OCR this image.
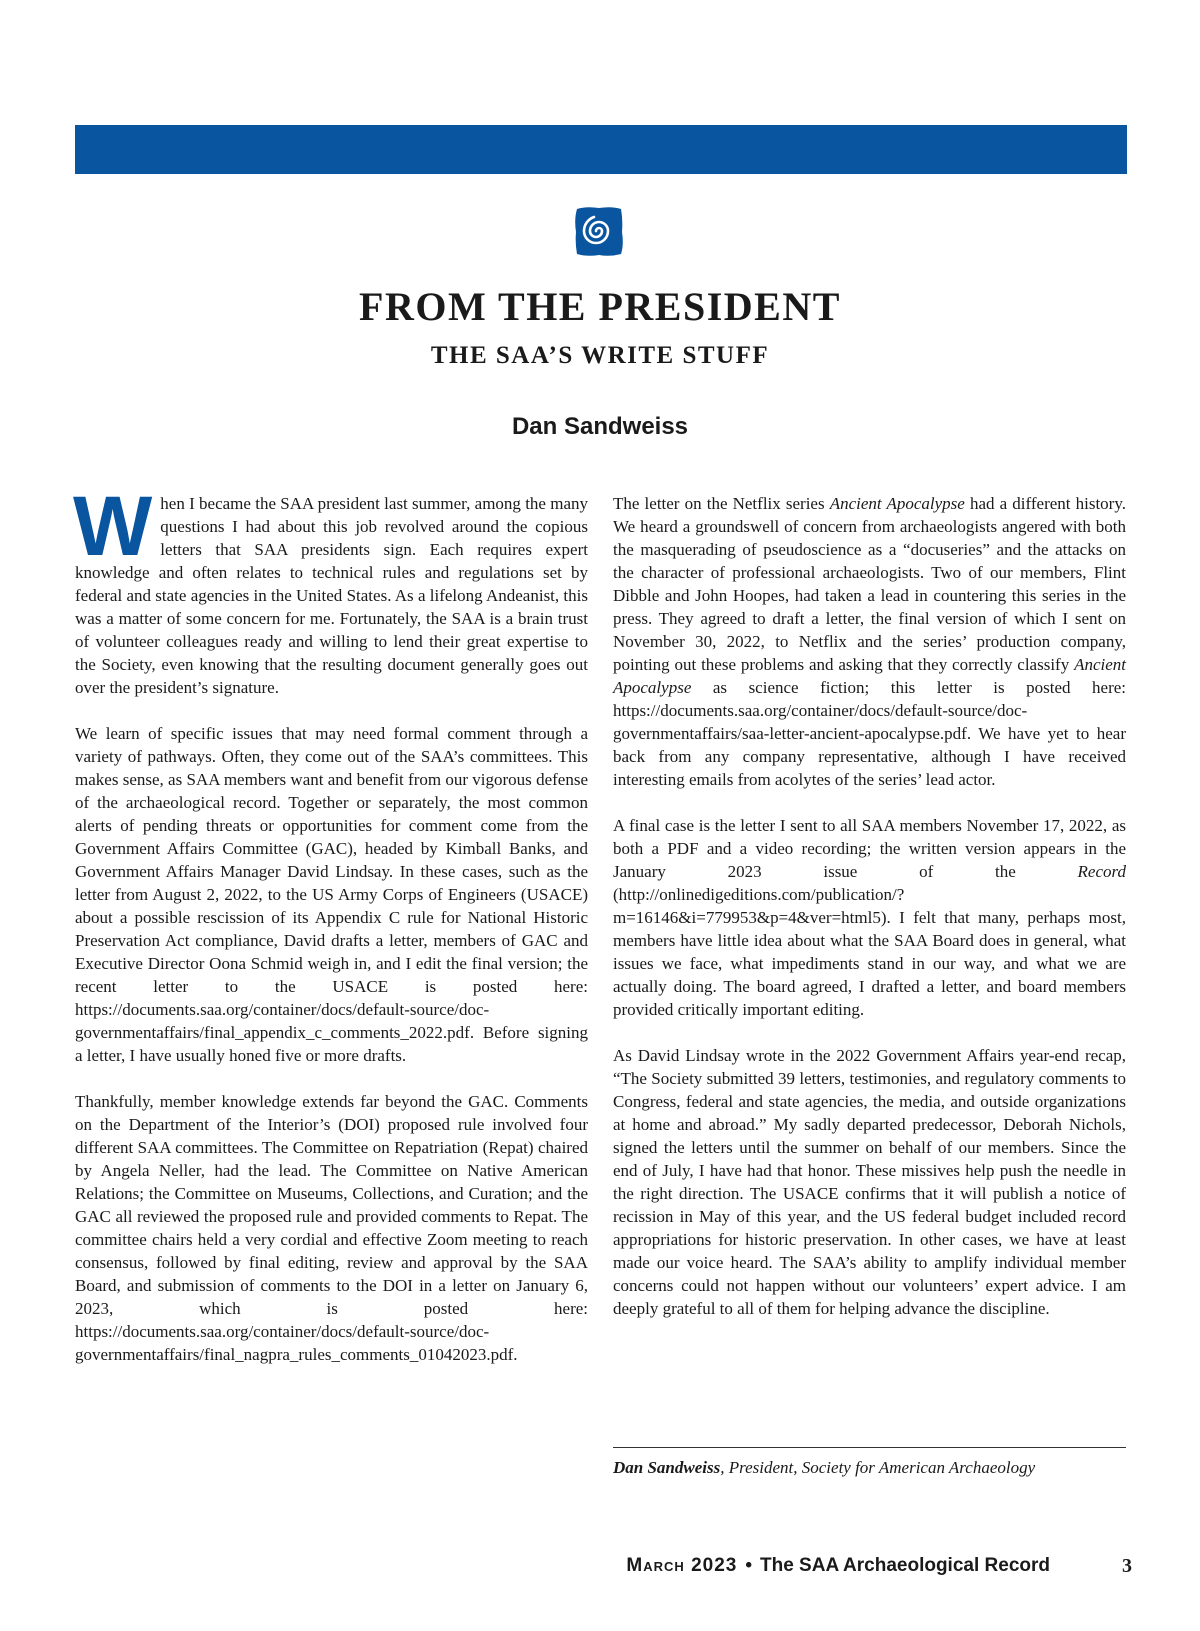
FROM THE PRESIDENT
THE SAA’S WRITE STUFF
Dan Sandweiss

When I became the SAA president last summer, among the many questions I had about this job revolved around the copious letters that SAA presidents sign. Each requires expert knowledge and often relates to technical rules and regulations set by federal and state agencies in the United States. As a lifelong Andeanist, this was a matter of some concern for me. Fortunately, the SAA is a brain trust of volunteer colleagues ready and willing to lend their great expertise to the Society, even knowing that the resulting document generally goes out over the president’s signature.

We learn of specific issues that may need formal comment through a variety of pathways. Often, they come out of the SAA’s committees. This makes sense, as SAA members want and benefit from our vigorous defense of the archaeological record. Together or separately, the most common alerts of pending threats or opportunities for comment come from the Government Affairs Committee (GAC), headed by Kimball Banks, and Government Affairs Manager David Lindsay. In these cases, such as the letter from August 2, 2022, to the US Army Corps of Engineers (USACE) about a possible rescission of its Appendix C rule for National Historic Preservation Act compliance, David drafts a letter, members of GAC and Executive Director Oona Schmid weigh in, and I edit the final version; the recent letter to the USACE is posted here: https://documents.saa.org/container/docs/default-source/doc-governmentaffairs/final_appendix_c_comments_2022.pdf. Before signing a letter, I have usually honed five or more drafts.

Thankfully, member knowledge extends far beyond the GAC. Comments on the Department of the Interior’s (DOI) proposed rule involved four different SAA committees. The Committee on Repatriation (Repat) chaired by Angela Neller, had the lead. The Committee on Native American Relations; the Committee on Museums, Collections, and Curation; and the GAC all reviewed the proposed rule and provided comments to Repat. The committee chairs held a very cordial and effective Zoom meeting to reach consensus, followed by final editing, review and approval by the SAA Board, and submission of comments to the DOI in a letter on January 6, 2023, which is posted here: https://documents.saa.org/container/docs/default-source/doc-governmentaffairs/final_nagpra_rules_comments_01042023.pdf.

The letter on the Netflix series Ancient Apocalypse had a different history. We heard a groundswell of concern from archaeologists angered with both the masquerading of pseudoscience as a “docuseries” and the attacks on the character of professional archaeologists. Two of our members, Flint Dibble and John Hoopes, had taken a lead in countering this series in the press. They agreed to draft a letter, the final version of which I sent on November 30, 2022, to Netflix and the series’ production company, pointing out these problems and asking that they correctly classify Ancient Apocalypse as science fiction; this letter is posted here: https://documents.saa.org/container/docs/default-source/doc-governmentaffairs/saa-letter-ancient-apocalypse.pdf. We have yet to hear back from any company representative, although I have received interesting emails from acolytes of the series’ lead actor.

A final case is the letter I sent to all SAA members November 17, 2022, as both a PDF and a video recording; the written version appears in the January 2023 issue of the Record (http://onlinedigeditions.com/publication/?m=16146&i=779953&p=4&ver=html5). I felt that many, perhaps most, members have little idea about what the SAA Board does in general, what issues we face, what impediments stand in our way, and what we are actually doing. The board agreed, I drafted a letter, and board members provided critically important editing.

As David Lindsay wrote in the 2022 Government Affairs year-end recap, “The Society submitted 39 letters, testimonies, and regulatory comments to Congress, federal and state agencies, the media, and outside organizations at home and abroad.” My sadly departed predecessor, Deborah Nichols, signed the letters until the summer on behalf of our members. Since the end of July, I have had that honor. These missives help push the needle in the right direction. The USACE confirms that it will publish a notice of recission in May of this year, and the US federal budget included record appropriations for historic preservation. In other cases, we have at least made our voice heard. The SAA’s ability to amplify individual member concerns could not happen without our volunteers’ expert advice. I am deeply grateful to all of them for helping advance the discipline.

Dan Sandweiss, President, Society for American Archaeology
March 2023 • The SAA Archaeological Record	3
